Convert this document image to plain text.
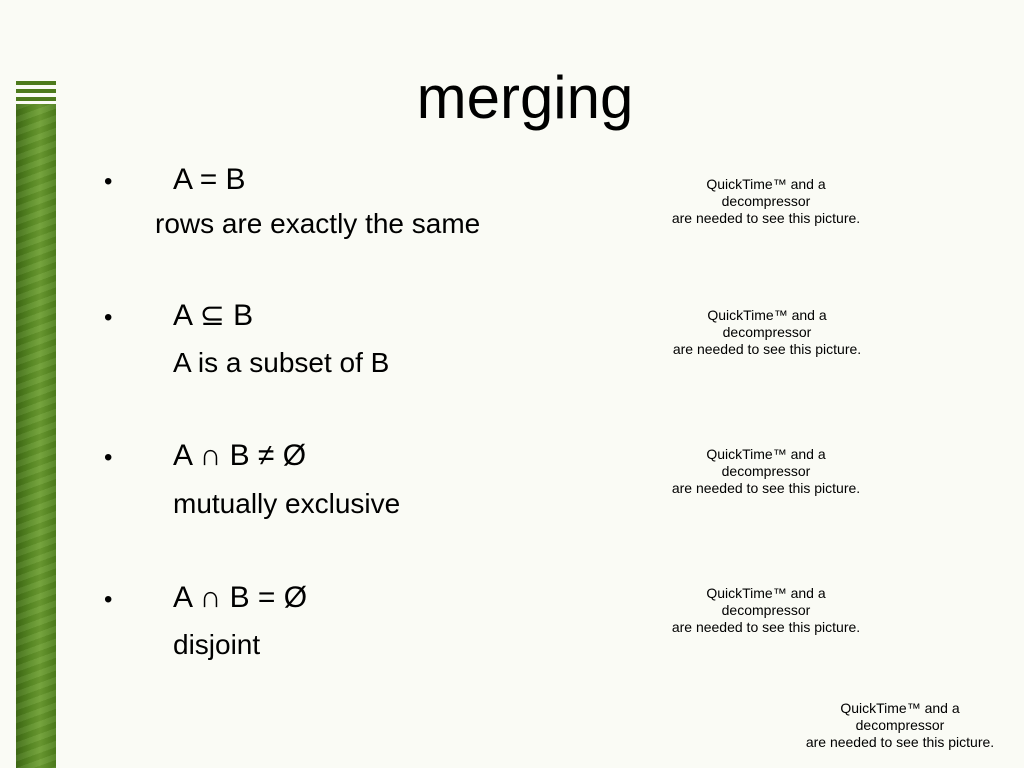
merging
• A = B
rows are exactly the same
• A ⊆ B
A is a subset of B
• A ∩ B ≠ Ø
mutually exclusive
• A ∩ B = Ø
disjoint
QuickTime™ and a
decompressor
are needed to see this picture.
QuickTime™ and a
decompressor
are needed to see this picture.
QuickTime™ and a
decompressor
are needed to see this picture.
QuickTime™ and a
decompressor
are needed to see this picture.
QuickTime™ and a
decompressor
are needed to see this picture.
